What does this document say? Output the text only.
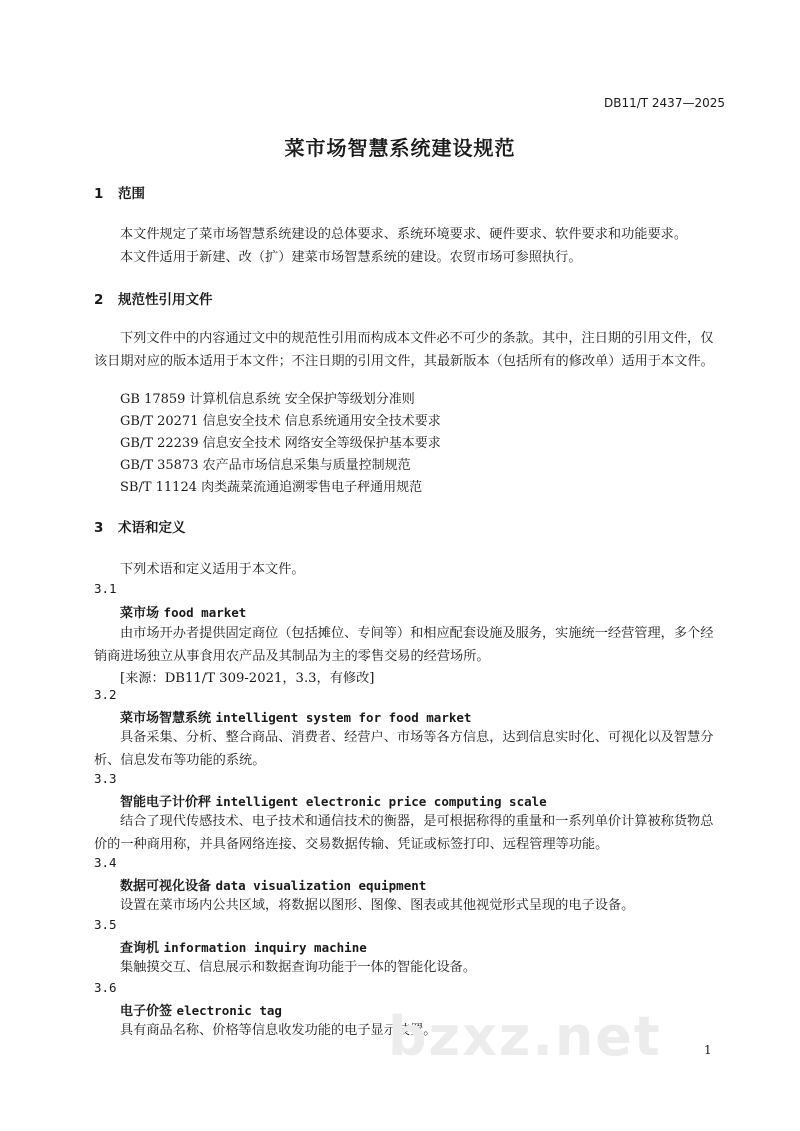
DB11/T 2437—2025
菜市场智慧系统建设规范
1 范围
本文件规定了菜市场智慧系统建设的总体要求、系统环境要求、硬件要求、软件要求和功能要求。
本文件适用于新建、改（扩）建菜市场智慧系统的建设。农贸市场可参照执行。
2 规范性引用文件
下列文件中的内容通过文中的规范性引用而构成本文件必不可少的条款。其中，注日期的引用文件，仅该日期对应的版本适用于本文件；不注日期的引用文件，其最新版本（包括所有的修改单）适用于本文件。
GB 17859 计算机信息系统 安全保护等级划分准则
GB/T 20271 信息安全技术 信息系统通用安全技术要求
GB/T 22239 信息安全技术 网络安全等级保护基本要求
GB/T 35873 农产品市场信息采集与质量控制规范
SB/T 11124 肉类蔬菜流通追溯零售电子秤通用规范
3 术语和定义
下列术语和定义适用于本文件。
3.1
菜市场 food market
由市场开办者提供固定商位（包括摊位、专间等）和相应配套设施及服务，实施统一经营管理，多个经销商进场独立从事食用农产品及其制品为主的零售交易的经营场所。
[来源：DB11/T 309-2021，3.3，有修改]
3.2
菜市场智慧系统 intelligent system for food market
具备采集、分析、整合商品、消费者、经营户、市场等各方信息，达到信息实时化、可视化以及智慧分析、信息发布等功能的系统。
3.3
智能电子计价秤 intelligent electronic price computing scale
结合了现代传感技术、电子技术和通信技术的衡器，是可根据称得的重量和一系列单价计算被称货物总价的一种商用称，并具备网络连接、交易数据传输、凭证或标签打印、远程管理等功能。
3.4
数据可视化设备 data visualization equipment
设置在菜市场内公共区域，将数据以图形、图像、图表或其他视觉形式呈现的电子设备。
3.5
查询机 information inquiry machine
集触摸交互、信息展示和数据查询功能于一体的智能化设备。
3.6
电子价签 electronic tag
具有商品名称、价格等信息收发功能的电子显示装置。
bzxz.net	1
